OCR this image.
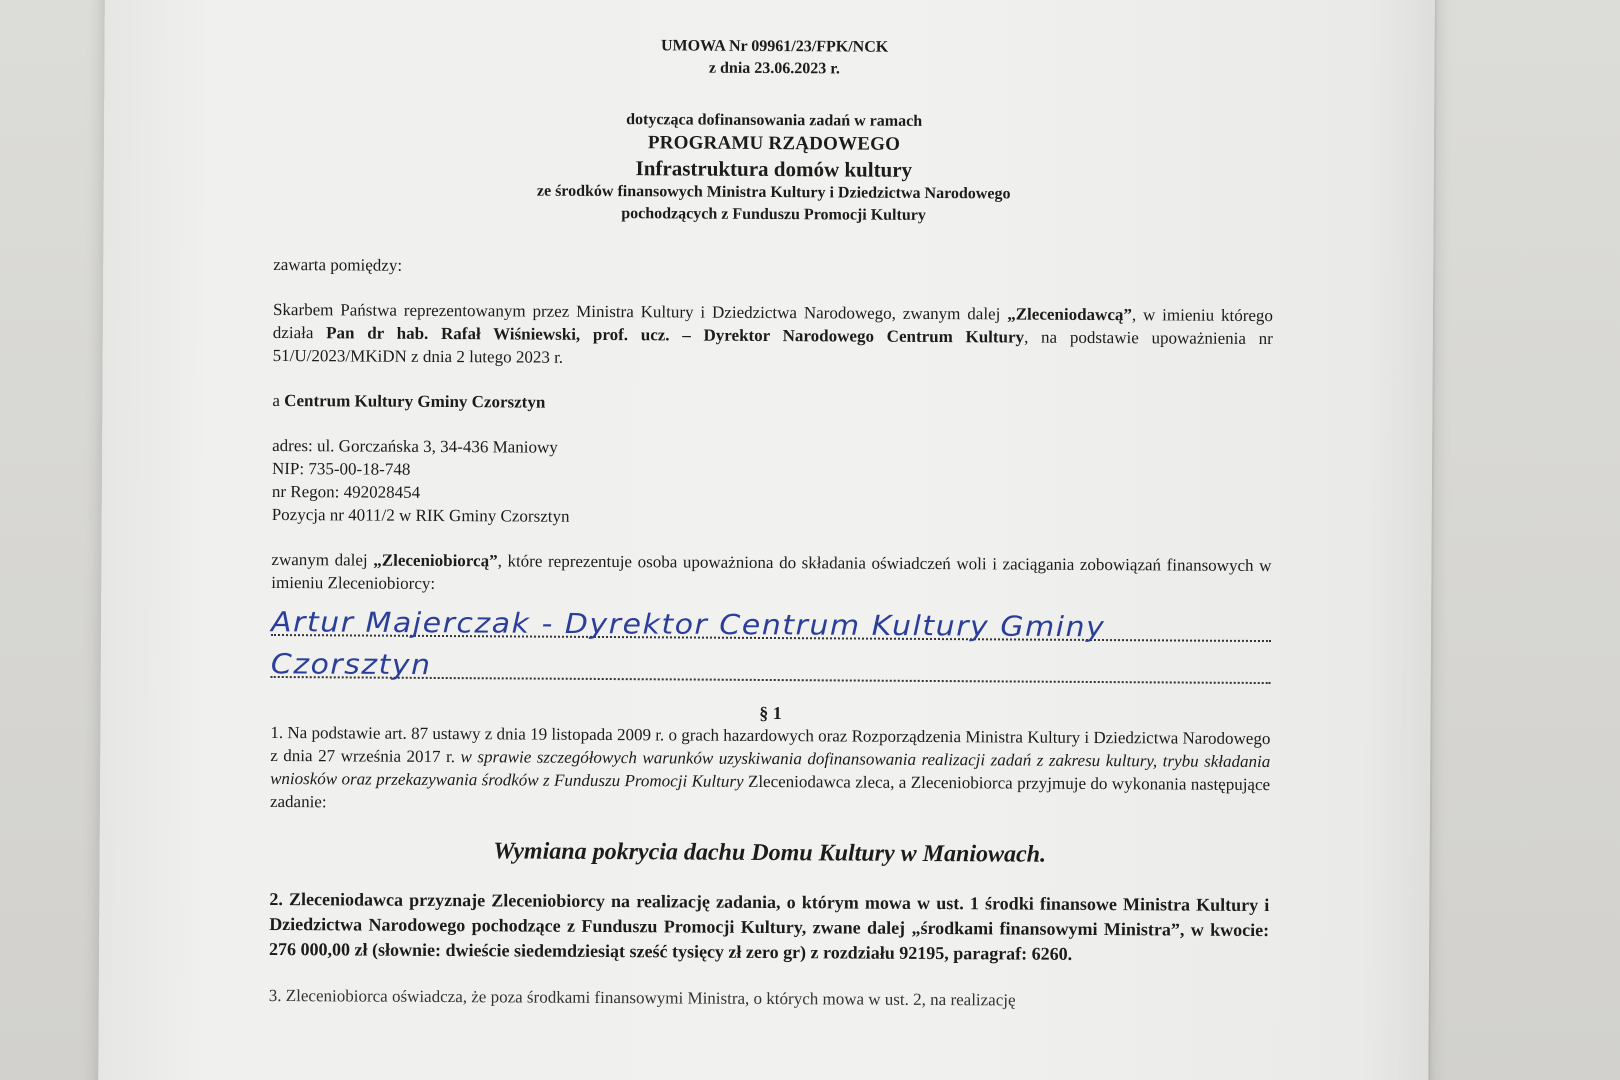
UMOWA Nr 09961/23/FPK/NCK
z dnia 23.06.2023 r.
dotycząca dofinansowania zadań w ramach
PROGRAMU RZĄDOWEGO
Infrastruktura domów kultury
ze środków finansowych Ministra Kultury i Dziedzictwa Narodowego
pochodzących z Funduszu Promocji Kultury

zawarta pomiędzy:

Skarbem Państwa reprezentowanym przez Ministra Kultury i Dziedzictwa Narodowego, zwanym dalej „Zleceniodawcą”, w imieniu którego działa Pan dr hab. Rafał Wiśniewski, prof. ucz. – Dyrektor Narodowego Centrum Kultury, na podstawie upoważnienia nr 51/U/2023/MKiDN z dnia 2 lutego 2023 r.

a Centrum Kultury Gminy Czorsztyn

adres: ul. Gorczańska 3, 34-436 Maniowy

NIP: 735-00-18-748

nr Regon: 492028454

Pozycja nr 4011/2 w RIK Gminy Czorsztyn

zwanym dalej „Zleceniobiorcą”, które reprezentuje osoba upoważniona do składania oświadczeń woli i zaciągania zobowiązań finansowych w imieniu Zleceniobiorcy:

Artur Majerczak - Dyrektor Centrum Kultury Gminy
Czorsztyn
§ 1

1. Na podstawie art. 87 ustawy z dnia 19 listopada 2009 r. o grach hazardowych oraz Rozporządzenia Ministra Kultury i Dziedzictwa Narodowego z dnia 27 września 2017 r. w sprawie szczegółowych warunków uzyskiwania dofinansowania realizacji zadań z zakresu kultury, trybu składania wniosków oraz przekazywania środków z Funduszu Promocji Kultury Zleceniodawca zleca, a Zleceniobiorca przyjmuje do wykonania następujące zadanie:

Wymiana pokrycia dachu Domu Kultury w Maniowach.

2. Zleceniodawca przyznaje Zleceniobiorcy na realizację zadania, o którym mowa w ust. 1 środki finansowe Ministra Kultury i Dziedzictwa Narodowego pochodzące z Funduszu Promocji Kultury, zwane dalej „środkami finansowymi Ministra”, w kwocie: 276 000,00 zł (słownie: dwieście siedemdziesiąt sześć tysięcy zł zero gr) z rozdziału 92195, paragraf: 6260.

3. Zleceniobiorca oświadcza, że poza środkami finansowymi Ministra, o których mowa w ust. 2, na realizację
